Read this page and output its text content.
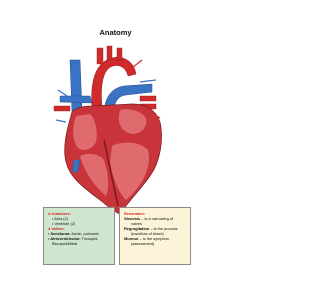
Anatomy
4 chambers:
• Atria (2)
• Ventricle (2)
4 Valves:
• Semilunar: Aortic, pulmonic
• Atrioventricular: Tricuspid,
Bicuspid/Mitral
Remember:
Stenosis – is a narrowing of
valves
Regurgitation – is the process
(backflow of blood)
Murmur – is the symptom
(assessment)
